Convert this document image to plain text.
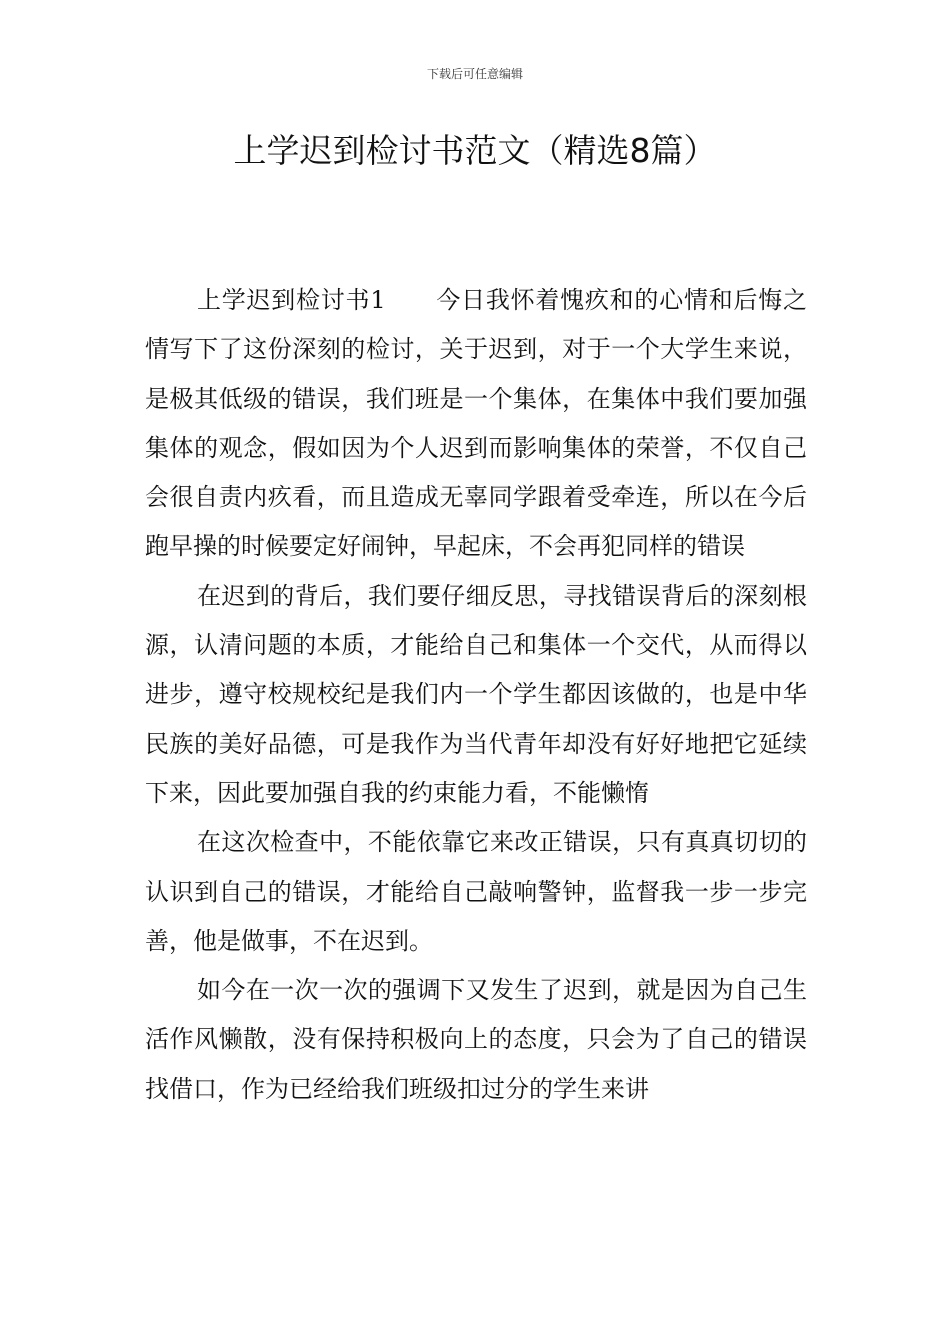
下载后可任意编辑
上学迟到检讨书范文（精选8篇）

上学迟到检讨书1 今日我怀着愧疚和的心情和后悔之情写下了这份深刻的检讨，关于迟到，对于一个大学生来说，是极其低级的错误，我们班是一个集体，在集体中我们要加强集体的观念，假如因为个人迟到而影响集体的荣誉，不仅自己会很自责内疚看，而且造成无辜同学跟着受牵连，所以在今后跑早操的时候要定好闹钟，早起床，不会再犯同样的错误

在迟到的背后，我们要仔细反思，寻找错误背后的深刻根源，认清问题的本质，才能给自己和集体一个交代，从而得以进步，遵守校规校纪是我们内一个学生都因该做的，也是中华民族的美好品德，可是我作为当代青年却没有好好地把它延续下来，因此要加强自我的约束能力看，不能懒惰

在这次检查中，不能依靠它来改正错误，只有真真切切的认识到自己的错误，才能给自己敲响警钟，监督我一步一步完善，他是做事，不在迟到。

如今在一次一次的强调下又发生了迟到，就是因为自己生活作风懒散，没有保持积极向上的态度，只会为了自己的错误找借口，作为已经给我们班级扣过分的学生来讲
